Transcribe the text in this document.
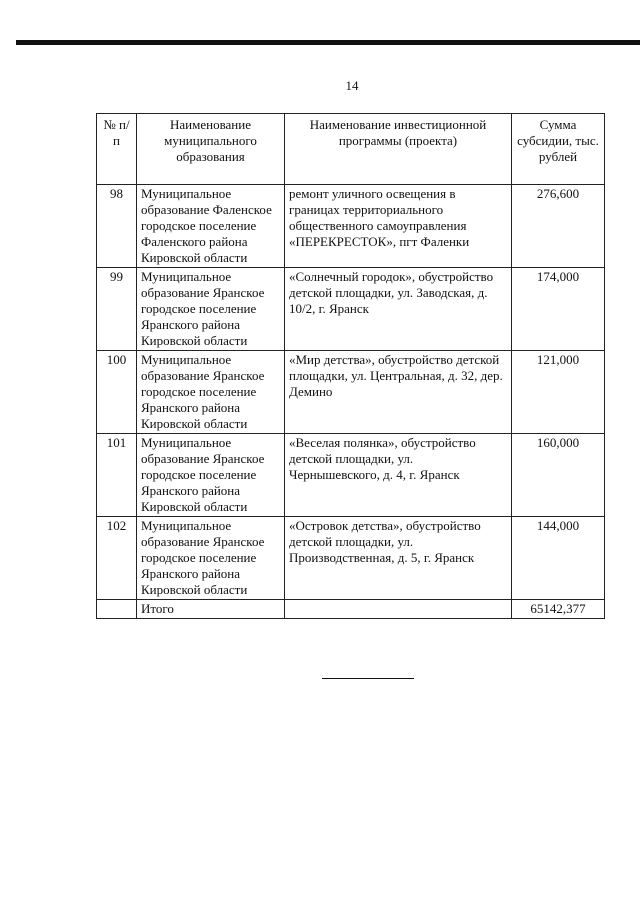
14
№ п/п	Наименование муниципального образования	Наименование инвестиционной программы (проекта)	Сумма субсидии, тыс. рублей
98	Муниципальное образование Фаленское городское поселение Фаленского района Кировской области	ремонт уличного освещения в границах территориального общественного самоуправления «ПЕРЕКРЕСТОК», пгт Фаленки	276,600
99	Муниципальное образование Яранское городское поселение Яранского района Кировской области	«Солнечный городок», обустройство детской площадки, ул. Заводская, д. 10/2, г. Яранск	174,000
100	Муниципальное образование Яранское городское поселение Яранского района Кировской области	«Мир детства», обустройство детской площадки, ул. Центральная, д. 32, дер. Демино	121,000
101	Муниципальное образование Яранское городское поселение Яранского района Кировской области	«Веселая полянка», обустройство детской площадки, ул. Чернышевского, д. 4, г. Яранск	160,000
102	Муниципальное образование Яранское городское поселение Яранского района Кировской области	«Островок детства», обустройство детской площадки, ул. Производственная, д. 5, г. Яранск	144,000
	Итого		65142,377
